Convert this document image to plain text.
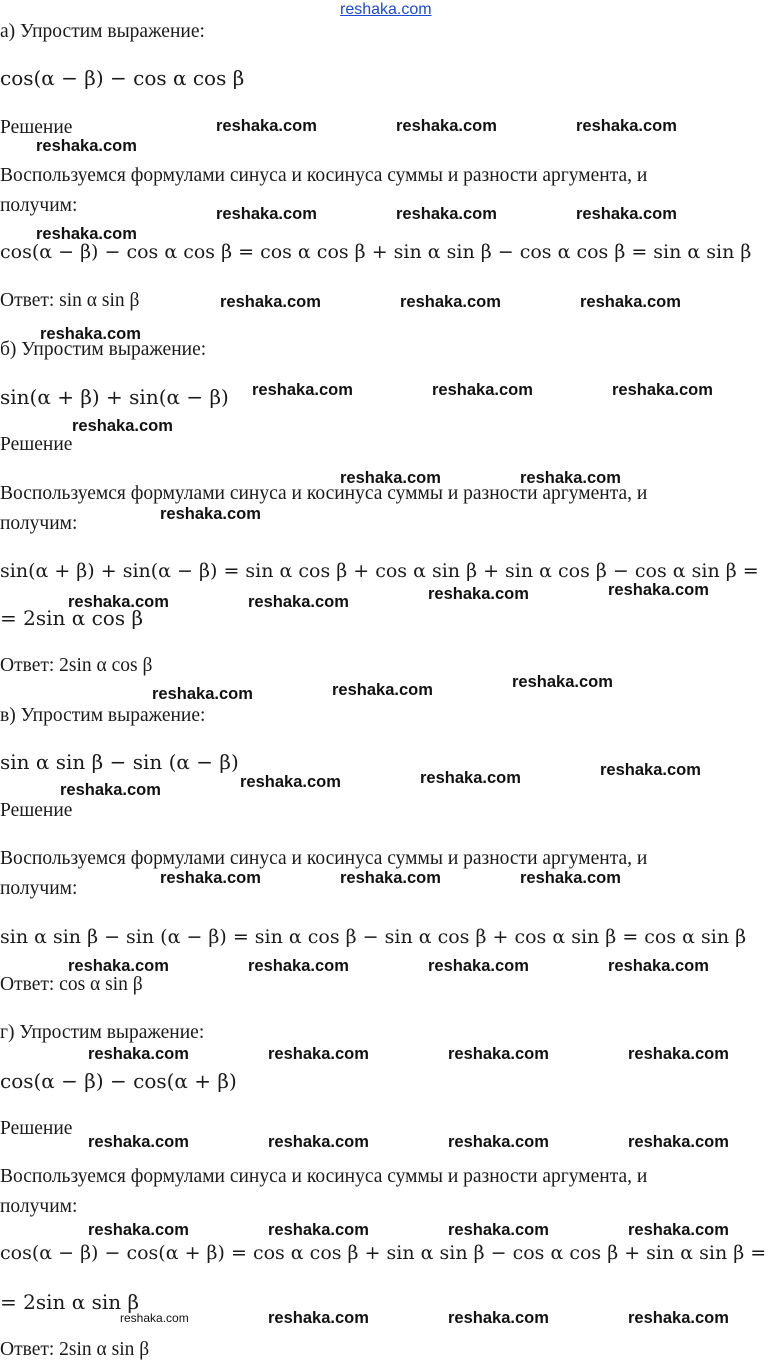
reshaka.com
а) Упростим выражение:
cos(α − β) − cos α cos β
Решение
Воспользуемся формулами синуса и косинуса суммы и разности аргумента, и
получим:
cos(α − β) − cos α cos β = cos α cos β + sin α sin β − cos α cos β = sin α sin β
Ответ: sin α sin β
б) Упростим выражение:
sin(α + β) + sin(α − β)
Решение
Воспользуемся формулами синуса и косинуса суммы и разности аргумента, и
получим:
sin(α + β) + sin(α − β) = sin α cos β + cos α sin β + sin α cos β − cos α sin β =
= 2sin α cos β
Ответ: 2sin α cos β
в) Упростим выражение:
sin α sin β − sin (α − β)
Решение
Воспользуемся формулами синуса и косинуса суммы и разности аргумента, и
получим:
sin α sin β − sin (α − β) = sin α cos β − sin α cos β + cos α sin β = cos α sin β
Ответ: cos α sin β
г) Упростим выражение:
cos(α − β) − cos(α + β)
Решение
Воспользуемся формулами синуса и косинуса суммы и разности аргумента, и
получим:
cos(α − β) − cos(α + β) = cos α cos β + sin α sin β − cos α cos β + sin α sin β =
= 2sin α sin β
Ответ: 2sin α sin β
reshaka.com	reshaka.com	reshaka.com
reshaka.com
reshaka.com	reshaka.com	reshaka.com
reshaka.com
reshaka.com	reshaka.com	reshaka.com
reshaka.com
reshaka.com	reshaka.com	reshaka.com
reshaka.com
reshaka.com	reshaka.com
reshaka.com
reshaka.com	reshaka.com	reshaka.com	reshaka.com
reshaka.com	reshaka.com	reshaka.com
reshaka.com	reshaka.com	reshaka.com
reshaka.com
reshaka.com	reshaka.com	reshaka.com
reshaka.com	reshaka.com	reshaka.com	reshaka.com
reshaka.com	reshaka.com	reshaka.com	reshaka.com
reshaka.com	reshaka.com	reshaka.com	reshaka.com
reshaka.com	reshaka.com	reshaka.com	reshaka.com
reshaka.com	reshaka.com	reshaka.com	reshaka.com
